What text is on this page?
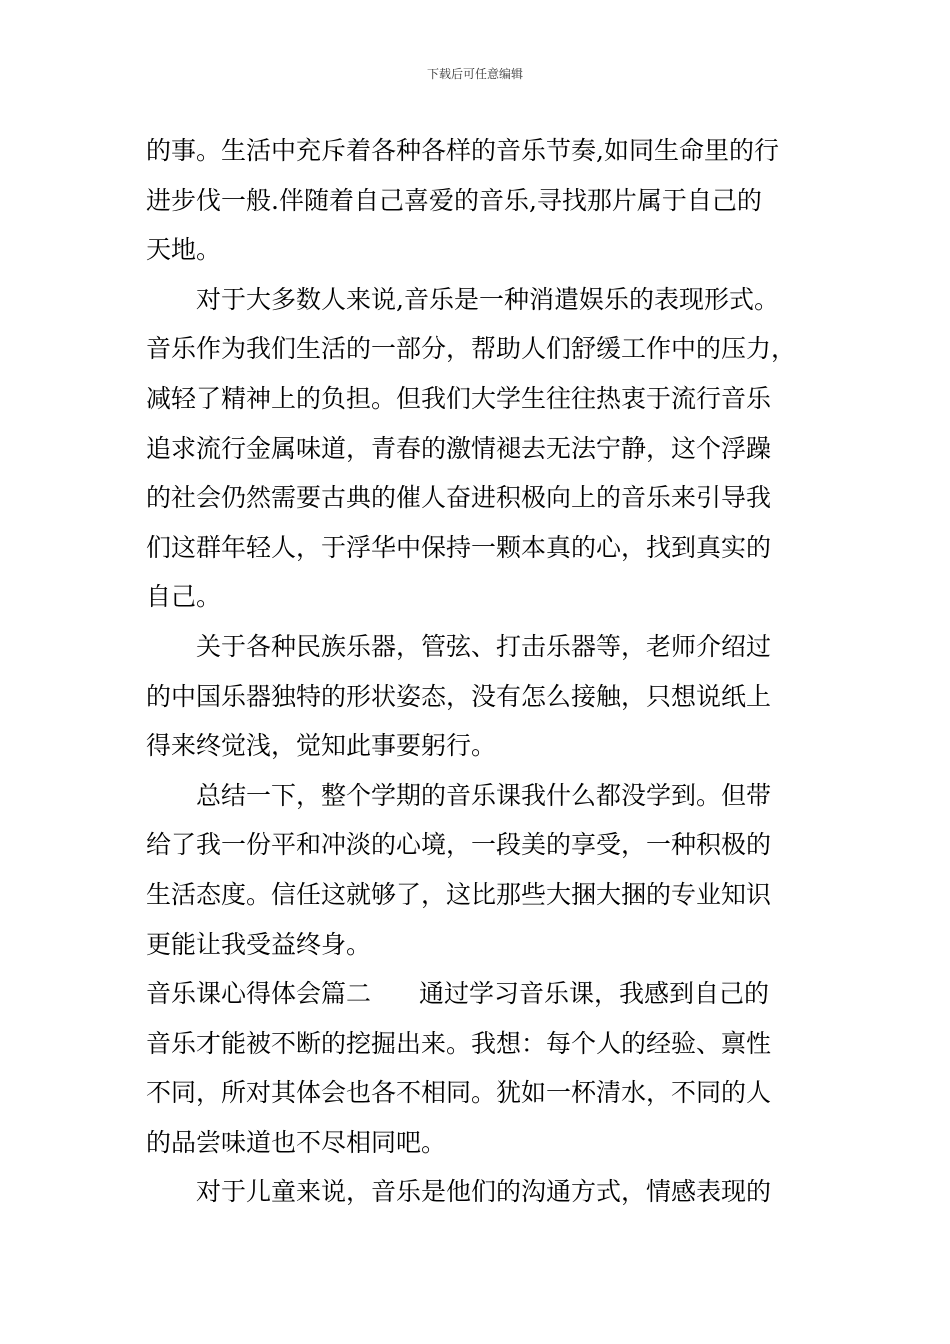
下载后可任意编辑
的事。生活中充斥着各种各样的音乐节奏,如同生命里的行
进步伐一般.伴随着自己喜爱的音乐,寻找那片属于自己的
天地。
对于大多数人来说,音乐是一种消遣娱乐的表现形式。
音乐作为我们生活的一部分，帮助人们舒缓工作中的压力，
减轻了精神上的负担。但我们大学生往往热衷于流行音乐
追求流行金属味道，青春的激情褪去无法宁静，这个浮躁
的社会仍然需要古典的催人奋进积极向上的音乐来引导我
们这群年轻人，于浮华中保持一颗本真的心，找到真实的
自己。
关于各种民族乐器，管弦、打击乐器等，老师介绍过
的中国乐器独特的形状姿态，没有怎么接触，只想说纸上
得来终觉浅，觉知此事要躬行。
总结一下，整个学期的音乐课我什么都没学到。但带
给了我一份平和冲淡的心境，一段美的享受，一种积极的
生活态度。信任这就够了，这比那些大捆大捆的专业知识
更能让我受益终身。
音乐课心得体会篇二 通过学习音乐课，我感到自己的
音乐才能被不断的挖掘出来。我想：每个人的经验、禀性
不同，所对其体会也各不相同。犹如一杯清水，不同的人
的品尝味道也不尽相同吧。
对于儿童来说，音乐是他们的沟通方式，情感表现的
